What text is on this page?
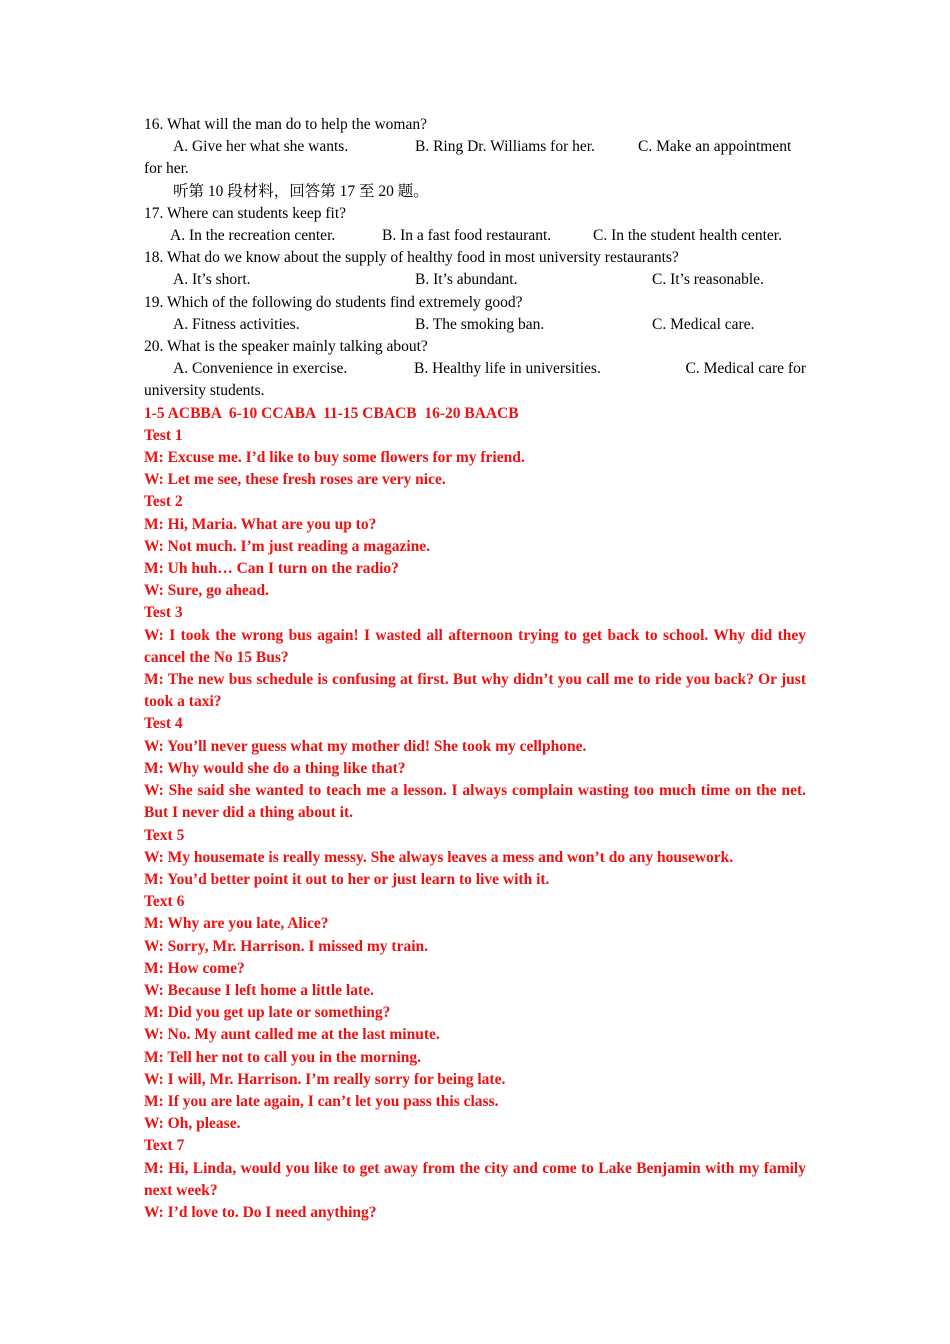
16. What will the man do to help the woman?
A. Give her what she wants.	B. Ring Dr. Williams for her.	C. Make an appointment
for her.
听第 10 段材料，回答第 17 至 20 题。
17. Where can students keep fit?
A. In the recreation center.	B. In a fast food restaurant.	C. In the student health center.
18. What do we know about the supply of healthy food in most university restaurants?
A. It’s short.	B. It’s abundant.	C. It’s reasonable.
19. Which of the following do students find extremely good?
A. Fitness activities.	B. The smoking ban.	C. Medical care.
20. What is the speaker mainly talking about?
A. Convenience in exercise.	B. Healthy life in universities.	C. Medical care for
university students.
1-5 ACBBA  6-10 CCABA  11-15 CBACB  16-20 BAACB
Test 1
M: Excuse me. I’d like to buy some flowers for my friend.
W: Let me see, these fresh roses are very nice.
Test 2
M: Hi, Maria. What are you up to?
W: Not much. I’m just reading a magazine.
M: Uh huh… Can I turn on the radio?
W: Sure, go ahead.
Test 3
W: I took the wrong bus again! I wasted all afternoon trying to get back to school. Why did they cancel the No 15 Bus?
M: The new bus schedule is confusing at first. But why didn’t you call me to ride you back? Or just took a taxi?
Test 4
W: You’ll never guess what my mother did! She took my cellphone.
M: Why would she do a thing like that?
W: She said she wanted to teach me a lesson. I always complain wasting too much time on the net. But I never did a thing about it.
Text 5
W: My housemate is really messy. She always leaves a mess and won’t do any housework.
M: You’d better point it out to her or just learn to live with it.
Text 6
M: Why are you late, Alice?
W: Sorry, Mr. Harrison. I missed my train.
M: How come?
W: Because I left home a little late.
M: Did you get up late or something?
W: No. My aunt called me at the last minute.
M: Tell her not to call you in the morning.
W: I will, Mr. Harrison. I’m really sorry for being late.
M: If you are late again, I can’t let you pass this class.
W: Oh, please.
Text 7
M: Hi, Linda, would you like to get away from the city and come to Lake Benjamin with my family next week?
W: I’d love to. Do I need anything?
